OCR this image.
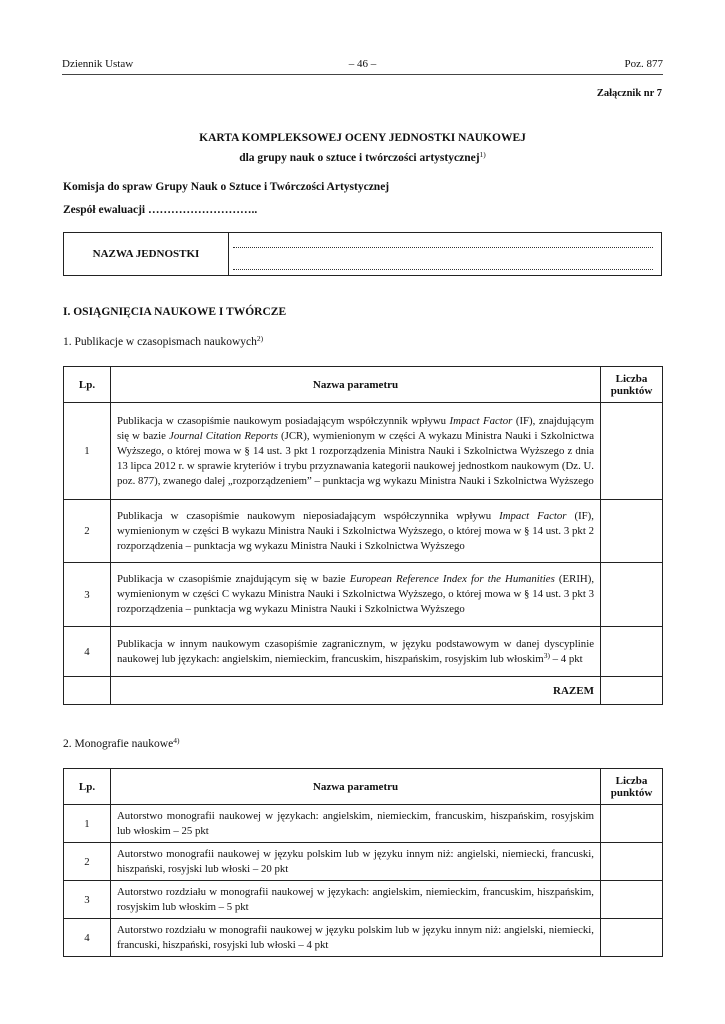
Dziennik Ustaw	– 46 –	Poz. 877
Załącznik nr 7
KARTA KOMPLEKSOWEJ OCENY JEDNOSTKI NAUKOWEJ
dla grupy nauk o sztuce i twórczości artystycznej$^{1)}$
Komisja do spraw Grupy Nauk o Sztuce i Twórczości Artystycznej
Zespół ewaluacji ………………………..
NAZWA JEDNOSTKI
I. OSIĄGNIĘCIA NAUKOWE I TWÓRCZE
1. Publikacje w czasopismach naukowych$^{2)}$
Lp.	Nazwa parametru	Liczba punktów
1	Publikacja w czasopiśmie naukowym posiadającym współczynnik wpływu Impact Factor (IF), znajdującym się w bazie Journal Citation Reports (JCR), wymienionym w części A wykazu Ministra Nauki i Szkolnictwa Wyższego, o której mowa w § 14 ust. 3 pkt 1 rozporządzenia Ministra Nauki i Szkolnictwa Wyższego z dnia 13 lipca 2012 r. w sprawie kryteriów i trybu przyznawania kategorii naukowej jednostkom naukowym (Dz. U. poz. 877), zwanego dalej „rozporządzeniem” – punktacja wg wykazu Ministra Nauki i Szkolnictwa Wyższego	
2	Publikacja w czasopiśmie naukowym nieposiadającym współczynnika wpływu Impact Factor (IF), wymienionym w części B wykazu Ministra Nauki i Szkolnictwa Wyższego, o której mowa w § 14 ust. 3 pkt 2 rozporządzenia – punktacja wg wykazu Ministra Nauki i Szkolnictwa Wyższego	
3	Publikacja w czasopiśmie znajdującym się w bazie European Reference Index for the Humanities (ERIH), wymienionym w części C wykazu Ministra Nauki i Szkolnictwa Wyższego, o której mowa w § 14 ust. 3 pkt 3 rozporządzenia – punktacja wg wykazu Ministra Nauki i Szkolnictwa Wyższego	
4	Publikacja w innym naukowym czasopiśmie zagranicznym, w języku podstawowym w danej dyscyplinie naukowej lub językach: angielskim, niemieckim, francuskim, hiszpańskim, rosyjskim lub włoskim$^{3)}$ – 4 pkt	
	RAZEM	
2. Monografie naukowe$^{4)}$
Lp.	Nazwa parametru	Liczba punktów
1	Autorstwo monografii naukowej w językach: angielskim, niemieckim, francuskim, hiszpańskim, rosyjskim lub włoskim – 25 pkt	
2	Autorstwo monografii naukowej w języku polskim lub w języku innym niż: angielski, niemiecki, francuski, hiszpański, rosyjski lub włoski – 20 pkt	
3	Autorstwo rozdziału w monografii naukowej w językach: angielskim, niemieckim, francuskim, hiszpańskim, rosyjskim lub włoskim – 5 pkt	
4	Autorstwo rozdziału w monografii naukowej w języku polskim lub w języku innym niż: angielski, niemiecki, francuski, hiszpański, rosyjski lub włoski – 4 pkt	
